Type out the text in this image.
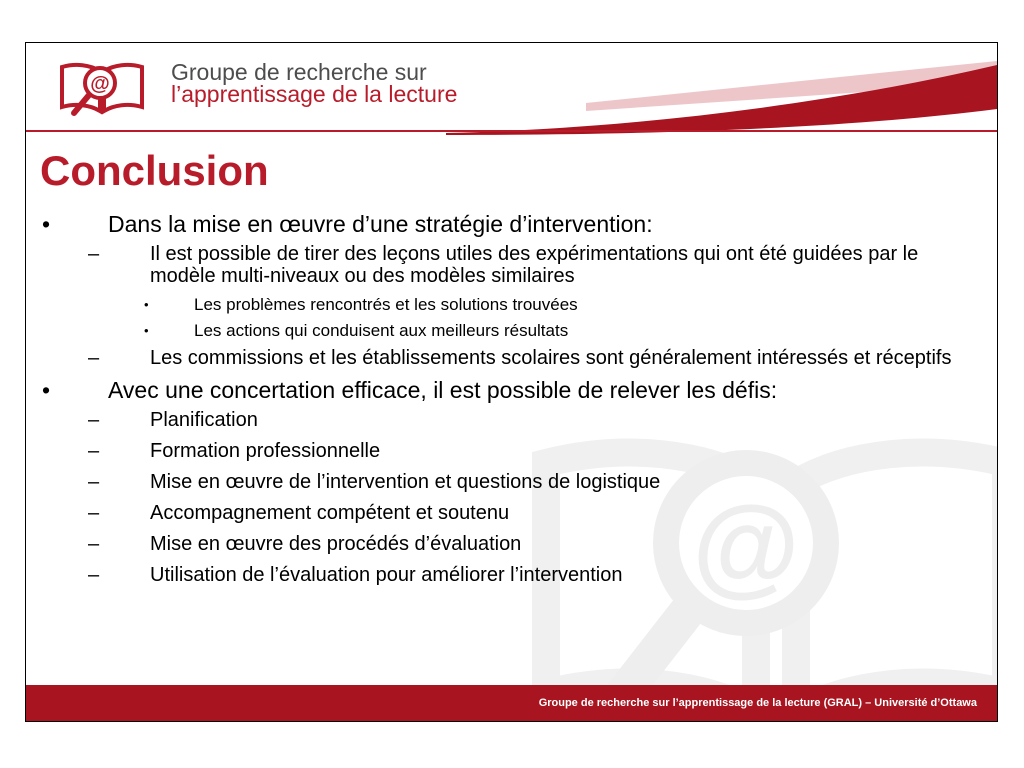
@	Groupe de recherche sur
l’apprentissage de la lecture
@
Conclusion
•	Dans la mise en œuvre d’une stratégie d’intervention:
–	Il est possible de tirer des leçons utiles des expérimentations qui ont été guidées par le modèle multi-niveaux ou des modèles similaires
•	Les problèmes rencontrés et les solutions trouvées
•	Les actions qui conduisent aux meilleurs résultats
–	Les commissions et les établissements scolaires sont généralement intéressés et réceptifs
•	Avec une concertation efficace, il est possible de relever les défis:
–	Planification
–	Formation professionnelle
–	Mise en œuvre de l’intervention et questions de logistique
–	Accompagnement compétent et soutenu
–	Mise en œuvre des procédés d’évaluation
–	Utilisation de l’évaluation pour améliorer l’intervention
Groupe de recherche sur l’apprentissage de la lecture (GRAL) – Université d’Ottawa
